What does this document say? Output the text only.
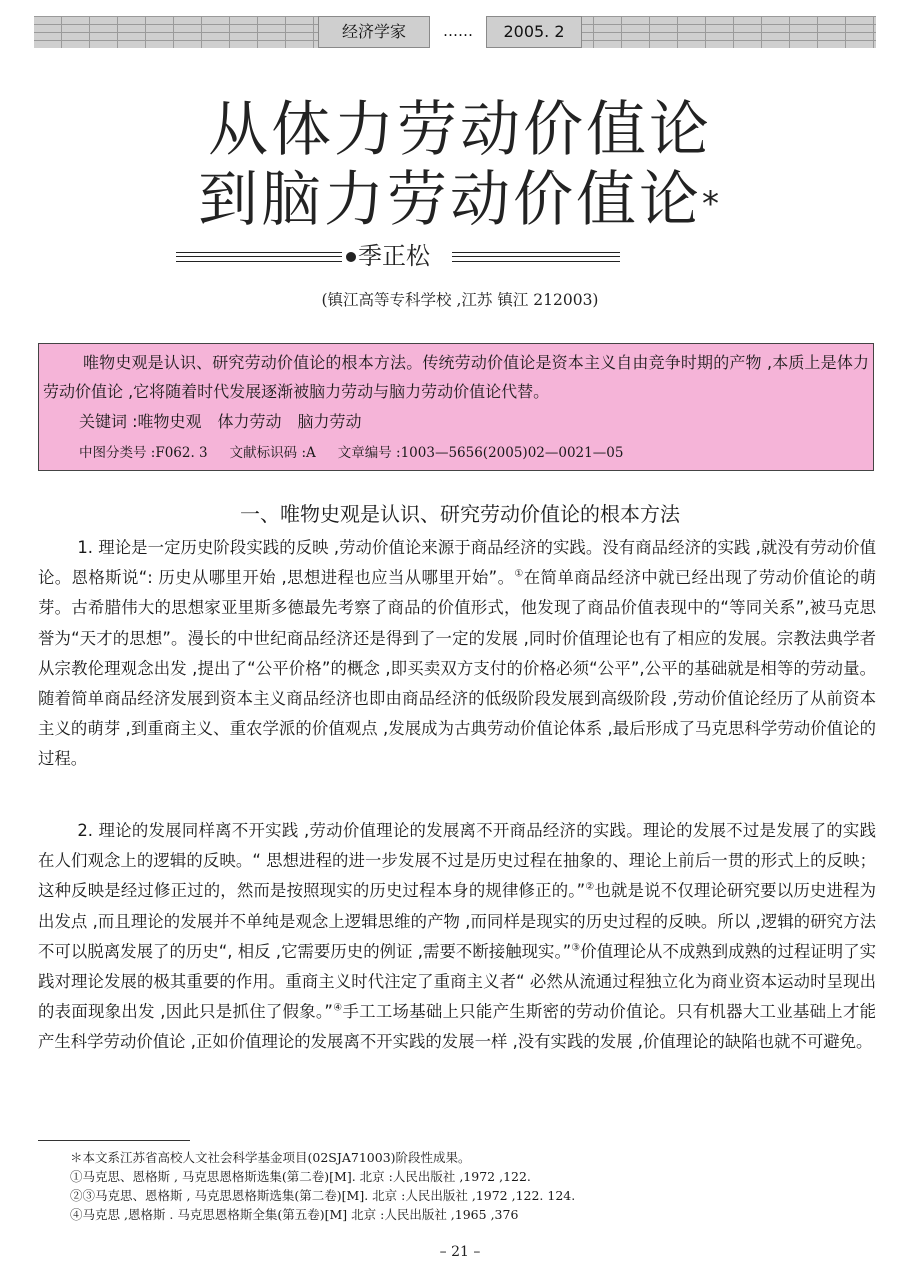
经济学家	……	2005. 2
从体力劳动价值论
到脑力劳动价值论*
季正松
(镇江高等专科学校 ,江苏 镇江 212003)

唯物史观是认识、研究劳动价值论的根本方法。传统劳动价值论是资本主义自由竞争时期的产物 ,本质上是体力劳动价值论 ,它将随着时代发展逐渐被脑力劳动与脑力劳动价值论代替。

关键词 :唯物史观 体力劳动 脑力劳动
中图分类号 :F062. 3 文献标识码 :A 文章编号 :1003—5656(2005)02—0021—05
一、唯物史观是认识、研究劳动价值论的根本方法

1. 理论是一定历史阶段实践的反映 ,劳动价值论来源于商品经济的实践。没有商品经济的实践 ,就没有劳动价值论。恩格斯说“: 历史从哪里开始 ,思想进程也应当从哪里开始”。①在简单商品经济中就已经出现了劳动价值论的萌芽。古希腊伟大的思想家亚里斯多德最先考察了商品的价值形式，他发现了商品价值表现中的“等同关系”,被马克思誉为“天才的思想”。漫长的中世纪商品经济还是得到了一定的发展 ,同时价值理论也有了相应的发展。宗教法典学者从宗教伦理观念出发 ,提出了“公平价格”的概念 ,即买卖双方支付的价格必须“公平”,公平的基础就是相等的劳动量。随着简单商品经济发展到资本主义商品经济也即由商品经济的低级阶段发展到高级阶段 ,劳动价值论经历了从前资本主义的萌芽 ,到重商主义、重农学派的价值观点 ,发展成为古典劳动价值论体系 ,最后形成了马克思科学劳动价值论的过程。

2. 理论的发展同样离不开实践 ,劳动价值理论的发展离不开商品经济的实践。理论的发展不过是发展了的实践在人们观念上的逻辑的反映。“ 思想进程的进一步发展不过是历史过程在抽象的、理论上前后一贯的形式上的反映；这种反映是经过修正过的，然而是按照现实的历史过程本身的规律修正的。”②也就是说不仅理论研究要以历史进程为出发点 ,而且理论的发展并不单纯是观念上逻辑思维的产物 ,而同样是现实的历史过程的反映。所以 ,逻辑的研究方法不可以脱离发展了的历史“, 相反 ,它需要历史的例证 ,需要不断接触现实。”③价值理论从不成熟到成熟的过程证明了实践对理论发展的极其重要的作用。重商主义时代注定了重商主义者“ 必然从流通过程独立化为商业资本运动时呈现出的表面现象出发 ,因此只是抓住了假象。”④手工工场基础上只能产生斯密的劳动价值论。只有机器大工业基础上才能产生科学劳动价值论 ,正如价值理论的发展离不开实践的发展一样 ,没有实践的发展 ,价值理论的缺陷也就不可避免。

＊本文系江苏省高校人文社会科学基金项目(02SJA71003)阶段性成果。
①马克思、恩格斯 , 马克思恩格斯选集(第二卷)[M]. 北京 :人民出版社 ,1972 ,122.
②③马克思、恩格斯 , 马克思恩格斯选集(第二卷)[M]. 北京 :人民出版社 ,1972 ,122. 124.
④马克思 ,恩格斯 . 马克思恩格斯全集(第五卷)[M] 北京 :人民出版社 ,1965 ,376
– 21 –
